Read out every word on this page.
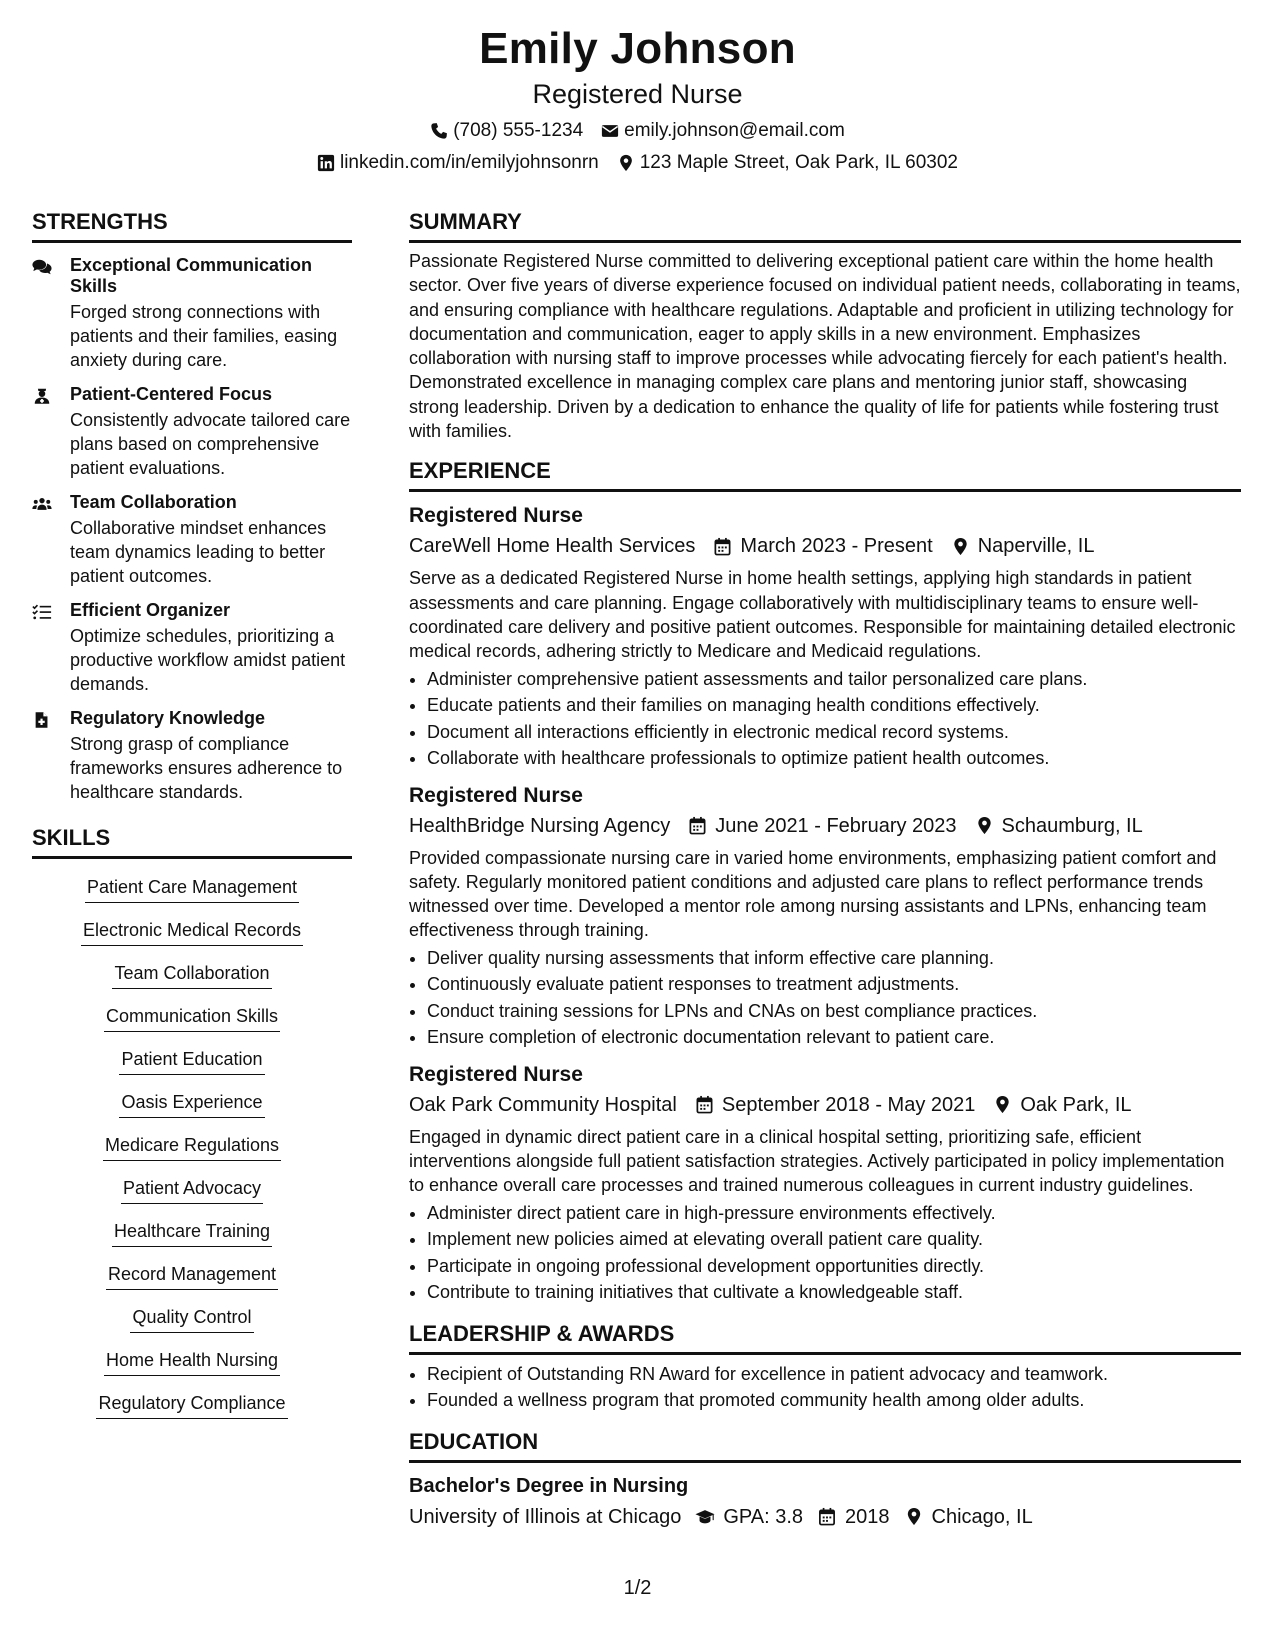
Emily Johnson
Registered Nurse
(708) 555-1234 emily.johnson@email.com
linkedin.com/in/emilyjohnsonrn 123 Maple Street, Oak Park, IL 60302
STRENGTHS
Exceptional Communication Skills
Forged strong connections with patients and their families, easing anxiety during care.
Patient-Centered Focus
Consistently advocate tailored care plans based on comprehensive patient evaluations.
Team Collaboration
Collaborative mindset enhances team dynamics leading to better patient outcomes.
Efficient Organizer
Optimize schedules, prioritizing a productive workflow amidst patient demands.
Regulatory Knowledge
Strong grasp of compliance frameworks ensures adherence to healthcare standards.
SKILLS
Patient Care Management
Electronic Medical Records
Team Collaboration
Communication Skills
Patient Education
Oasis Experience
Medicare Regulations
Patient Advocacy
Healthcare Training
Record Management
Quality Control
Home Health Nursing
Regulatory Compliance
SUMMARY
Passionate Registered Nurse committed to delivering exceptional patient care within the home health sector. Over five years of diverse experience focused on individual patient needs, collaborating in teams, and ensuring compliance with healthcare regulations. Adaptable and proficient in utilizing technology for documentation and communication, eager to apply skills in a new environment. Emphasizes collaboration with nursing staff to improve processes while advocating fiercely for each patient's health. Demonstrated excellence in managing complex care plans and mentoring junior staff, showcasing strong leadership. Driven by a dedication to enhance the quality of life for patients while fostering trust with families.
EXPERIENCE
Registered Nurse
CareWell Home Health Services March 2023 - Present Naperville, IL
Serve as a dedicated Registered Nurse in home health settings, applying high standards in patient assessments and care planning. Engage collaboratively with multidisciplinary teams to ensure well-coordinated care delivery and positive patient outcomes. Responsible for maintaining detailed electronic medical records, adhering strictly to Medicare and Medicaid regulations.
• Administer comprehensive patient assessments and tailor personalized care plans.
• Educate patients and their families on managing health conditions effectively.
• Document all interactions efficiently in electronic medical record systems.
• Collaborate with healthcare professionals to optimize patient health outcomes.
Registered Nurse
HealthBridge Nursing Agency June 2021 - February 2023 Schaumburg, IL
Provided compassionate nursing care in varied home environments, emphasizing patient comfort and safety. Regularly monitored patient conditions and adjusted care plans to reflect performance trends witnessed over time. Developed a mentor role among nursing assistants and LPNs, enhancing team effectiveness through training.
• Deliver quality nursing assessments that inform effective care planning.
• Continuously evaluate patient responses to treatment adjustments.
• Conduct training sessions for LPNs and CNAs on best compliance practices.
• Ensure completion of electronic documentation relevant to patient care.
Registered Nurse
Oak Park Community Hospital September 2018 - May 2021 Oak Park, IL
Engaged in dynamic direct patient care in a clinical hospital setting, prioritizing safe, efficient interventions alongside full patient satisfaction strategies. Actively participated in policy implementation to enhance overall care processes and trained numerous colleagues in current industry guidelines.
• Administer direct patient care in high-pressure environments effectively.
• Implement new policies aimed at elevating overall patient care quality.
• Participate in ongoing professional development opportunities directly.
• Contribute to training initiatives that cultivate a knowledgeable staff.
LEADERSHIP & AWARDS
• Recipient of Outstanding RN Award for excellence in patient advocacy and teamwork.
• Founded a wellness program that promoted community health among older adults.
EDUCATION
Bachelor's Degree in Nursing
University of Illinois at Chicago GPA: 3.8 2018 Chicago, IL
1/2
